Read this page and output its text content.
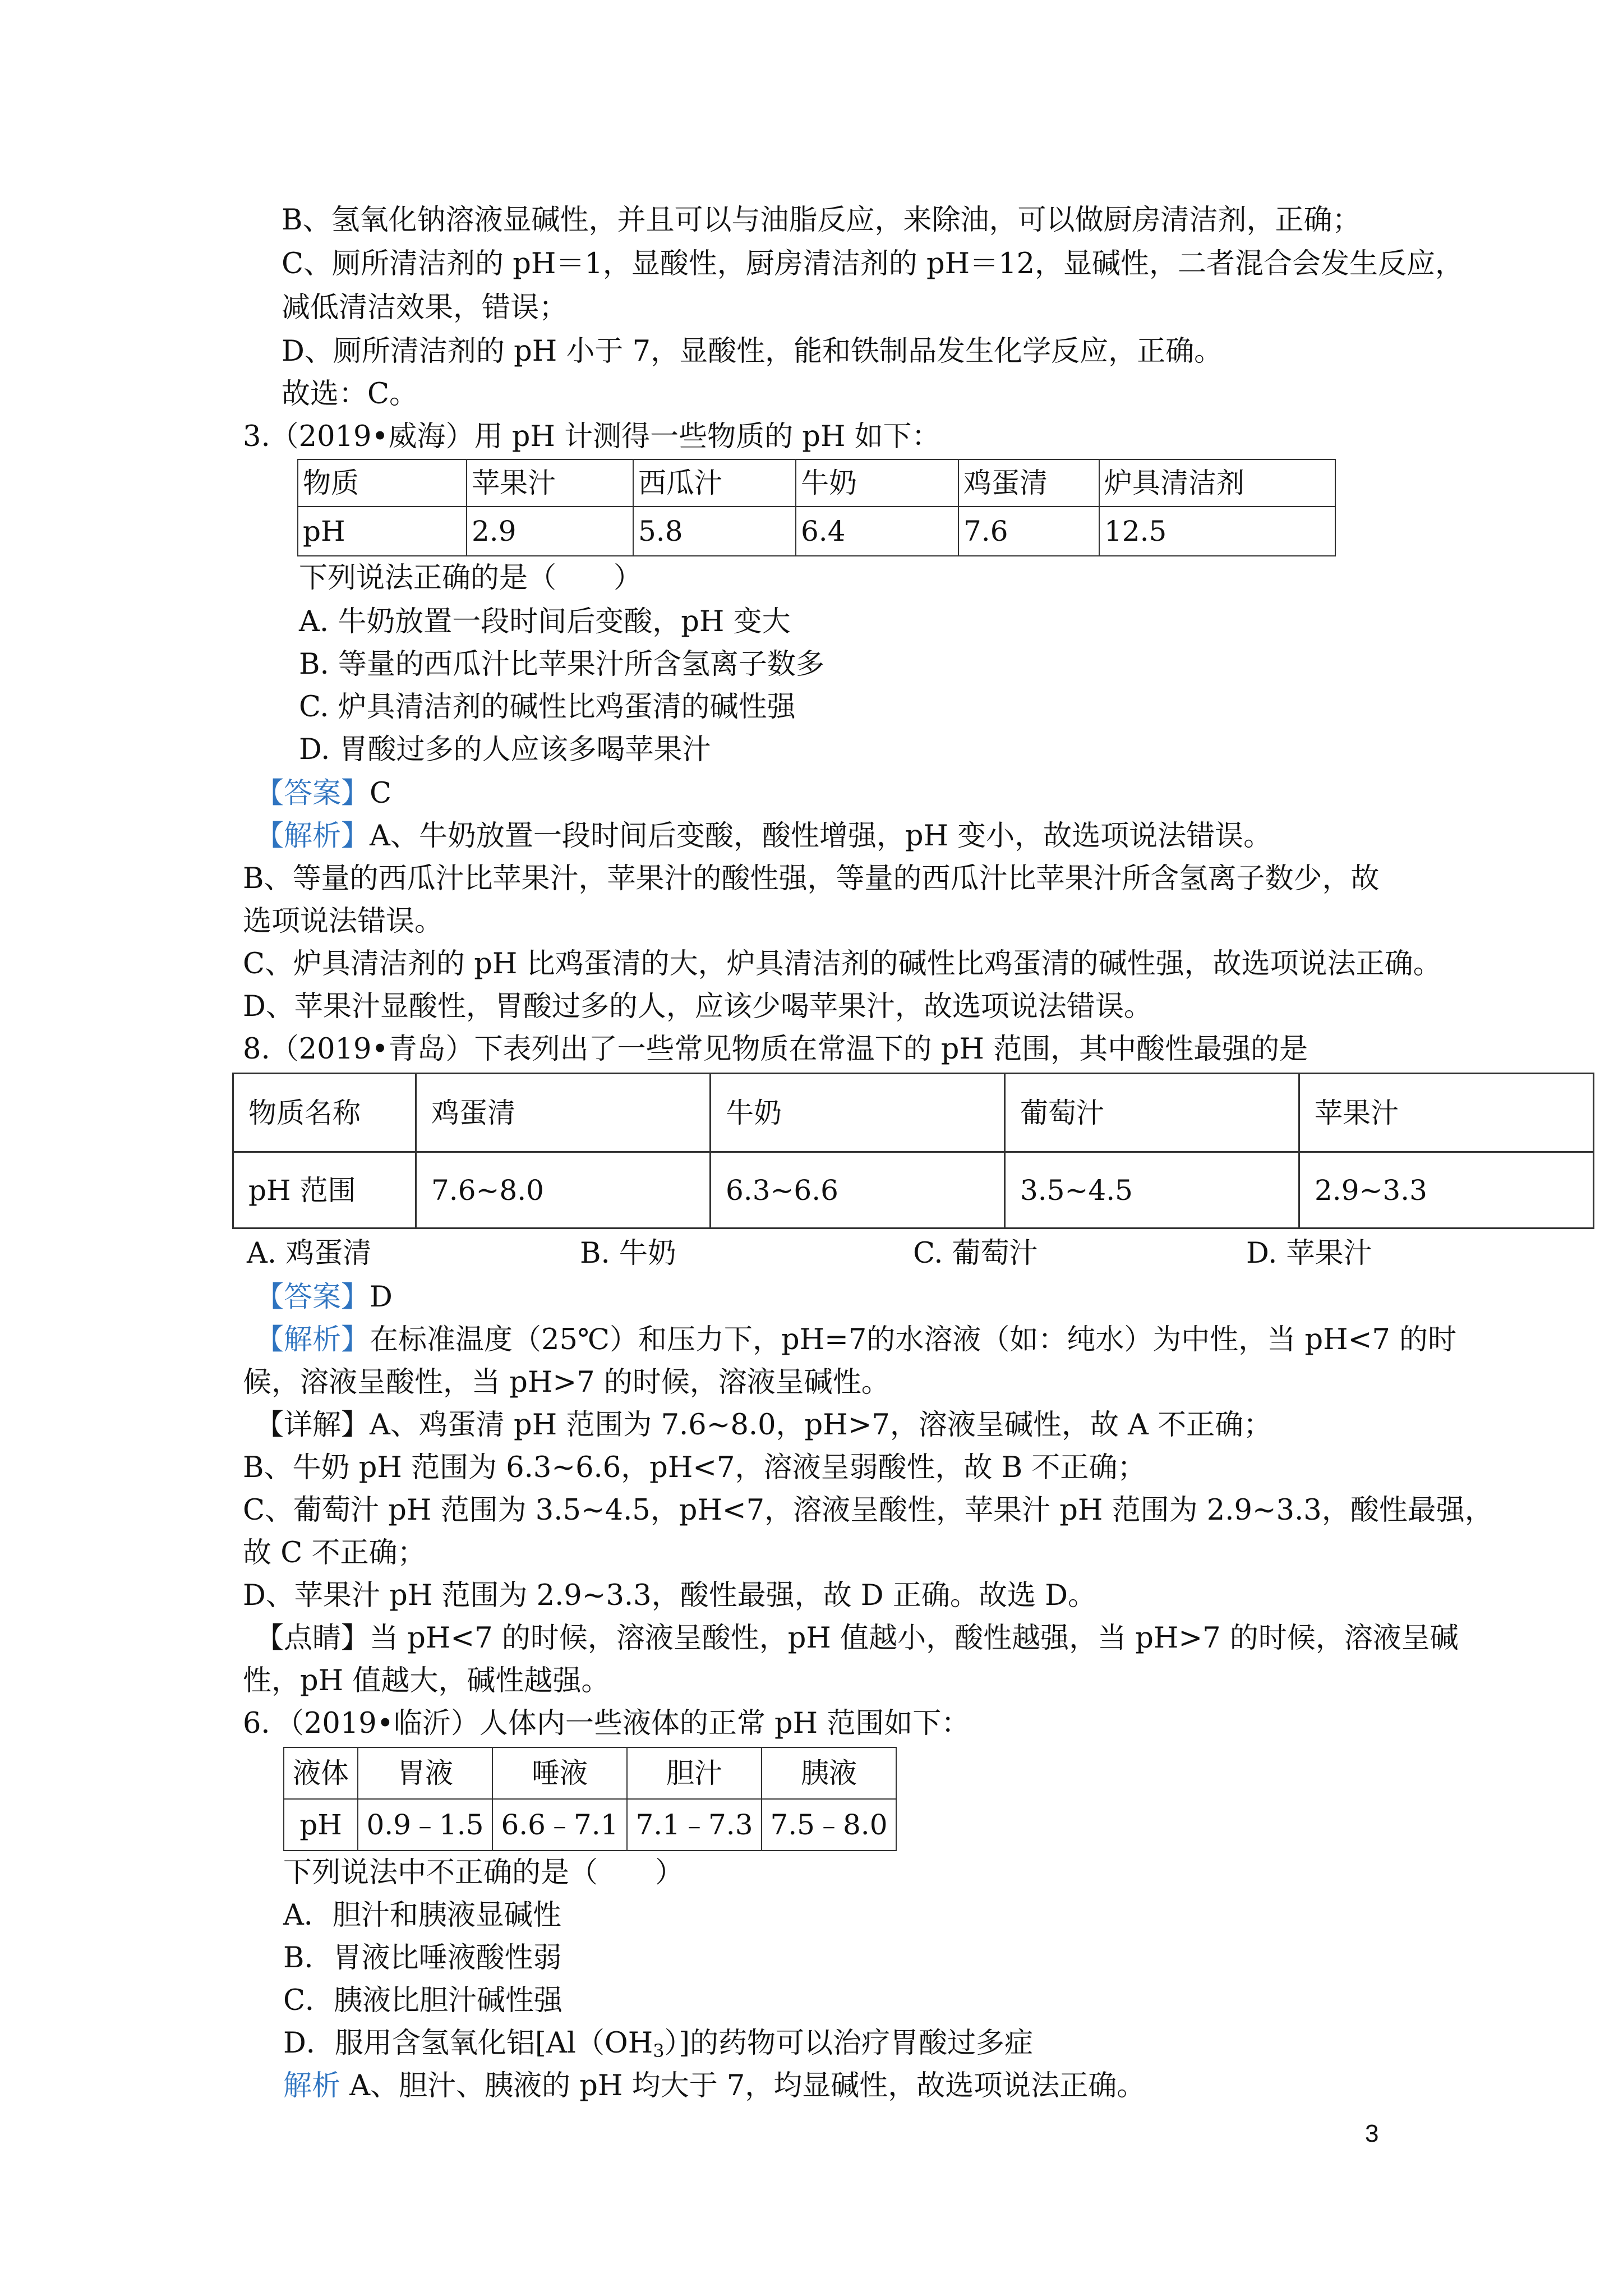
B、氢氧化钠溶液显碱性，并且可以与油脂反应，来除油，可以做厨房清洁剂，正确；
C、厕所清洁剂的 pH＝1，显酸性，厨房清洁剂的 pH＝12，显碱性，二者混合会发生反应，
减低清洁效果，错误；
D、厕所清洁剂的 pH 小于 7，显酸性，能和铁制品发生化学反应，正确。
故选：C。
3.（2019•威海）用 pH 计测得一些物质的 pH 如下：
物质	苹果汁	西瓜汁	牛奶	鸡蛋清	炉具清洁剂
pH	2.9	5.8	6.4	7.6	12.5
下列说法正确的是（　　）
A. 牛奶放置一段时间后变酸，pH 变大
B. 等量的西瓜汁比苹果汁所含氢离子数多
C. 炉具清洁剂的碱性比鸡蛋清的碱性强
D. 胃酸过多的人应该多喝苹果汁
【答案】C
【解析】A、牛奶放置一段时间后变酸，酸性增强，pH 变小，故选项说法错误。
B、等量的西瓜汁比苹果汁，苹果汁的酸性强，等量的西瓜汁比苹果汁所含氢离子数少，故
选项说法错误。
C、炉具清洁剂的 pH 比鸡蛋清的大，炉具清洁剂的碱性比鸡蛋清的碱性强，故选项说法正确。
D、苹果汁显酸性，胃酸过多的人，应该少喝苹果汁，故选项说法错误。
8.（2019•青岛）下表列出了一些常见物质在常温下的 pH 范围，其中酸性最强的是
物质名称	鸡蛋清	牛奶	葡萄汁	苹果汁
pH 范围	7.6~8.0	6.3~6.6	3.5~4.5	2.9~3.3
A. 鸡蛋清	B. 牛奶	C. 葡萄汁	D. 苹果汁
【答案】D
【解析】在标准温度（25℃）和压力下，pH=7的水溶液（如：纯水）为中性，当 pH<7 的时
候，溶液呈酸性，当 pH>7 的时候，溶液呈碱性。
【详解】A、鸡蛋清 pH 范围为 7.6~8.0，pH>7，溶液呈碱性，故 A 不正确；
B、牛奶 pH 范围为 6.3~6.6，pH<7，溶液呈弱酸性，故 B 不正确；
C、葡萄汁 pH 范围为 3.5~4.5，pH<7，溶液呈酸性，苹果汁 pH 范围为 2.9~3.3，酸性最强，
故 C 不正确；
D、苹果汁 pH 范围为 2.9~3.3，酸性最强，故 D 正确。故选 D。
【点睛】当 pH<7 的时候，溶液呈酸性，pH 值越小，酸性越强，当 pH>7 的时候，溶液呈碱
性，pH 值越大，碱性越强。
6．（2019•临沂）人体内一些液体的正常 pH 范围如下：
液体	胃液	唾液	胆汁	胰液
pH	0.9﹣1.5	6.6﹣7.1	7.1﹣7.3	7.5﹣8.0
下列说法中不正确的是（　　）
A．胆汁和胰液显碱性
B．胃液比唾液酸性弱
C．胰液比胆汁碱性强
D．服用含氢氧化铝$[Al(OH_3)]$的药物可以治疗胃酸过多症
解析 A、胆汁、胰液的 pH 均大于 7，均显碱性，故选项说法正确。
3
